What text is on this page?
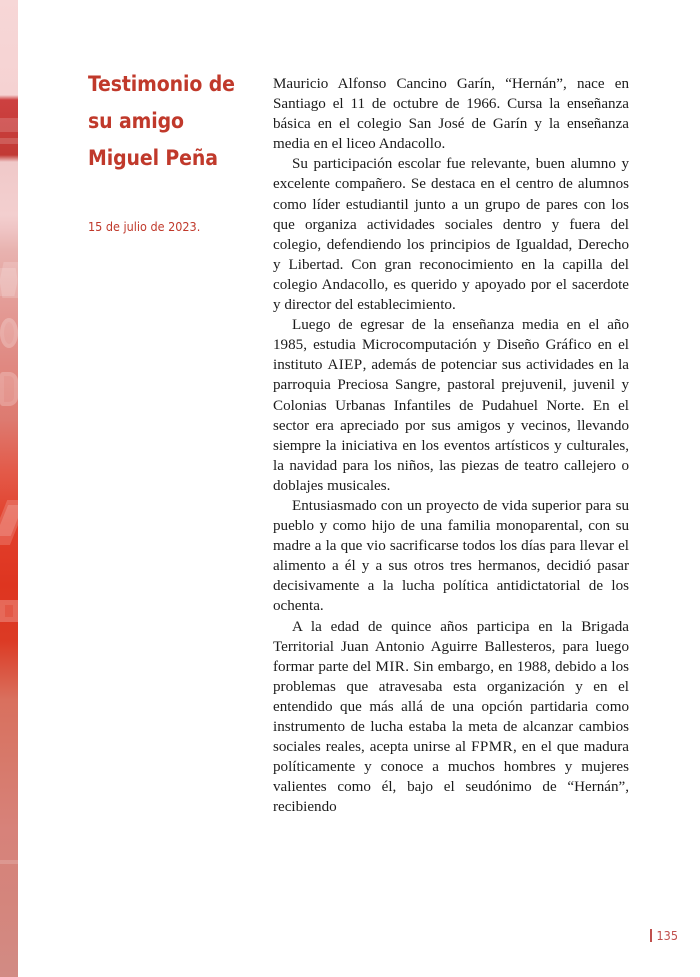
Testimonio de
su amigo
Miguel Peña
15 de julio de 2023.

Mauricio Alfonso Cancino Garín, “Hernán”, nace en Santiago el 11 de octubre de 1966. Cursa la enseñanza básica en el colegio San José de Garín y la enseñanza media en el liceo Andacollo.

Su participación escolar fue relevante, buen alumno y excelente compañero. Se destaca en el centro de alumnos como líder estudiantil junto a un grupo de pares con los que organiza actividades sociales dentro y fuera del colegio, defendiendo los principios de Igualdad, Derecho y Libertad. Con gran reconocimiento en la capilla del colegio Andacollo, es querido y apoyado por el sacerdote y director del establecimiento.

Luego de egresar de la enseñanza media en el año 1985, estudia Microcomputación y Diseño Gráfico en el instituto AIEP, además de potenciar sus actividades en la parroquia Preciosa Sangre, pastoral prejuvenil, juvenil y Colonias Urbanas Infantiles de Pudahuel Norte. En el sector era apreciado por sus amigos y vecinos, llevando siempre la iniciativa en los eventos artísticos y culturales, la navidad para los niños, las piezas de teatro callejero o doblajes musicales.

Entusiasmado con un proyecto de vida superior para su pueblo y como hijo de una familia monoparental, con su madre a la que vio sacrificarse todos los días para llevar el alimento a él y a sus otros tres hermanos, decidió pasar decisivamente a la lucha política antidictatorial de los ochenta.

A la edad de quince años participa en la Brigada Territorial Juan Antonio Aguirre Ballesteros, para luego formar parte del MIR. Sin embargo, en 1988, debido a los problemas que atravesaba esta organización y en el entendido que más allá de una opción partidaria como instrumento de lucha estaba la meta de alcanzar cambios sociales reales, acepta unirse al FPMR, en el que madura políticamente y conoce a muchos hombres y mujeres valientes como él, bajo el seudónimo de “Hernán”, recibiendo

135
